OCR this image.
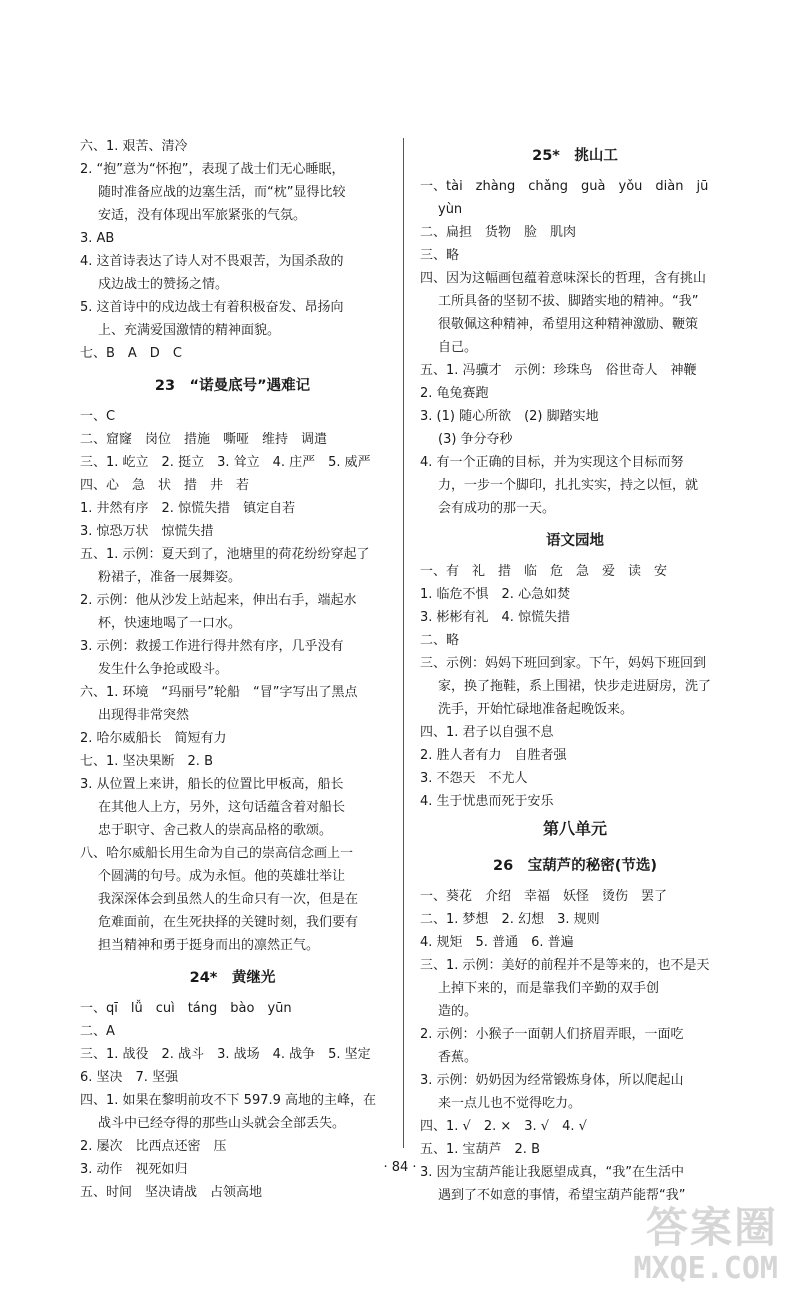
六、1. 艰苦、清冷
2. “抱”意为“怀抱”，表现了战士们无心睡眠，
随时准备应战的边塞生活，而“枕”显得比较
安适，没有体现出军旅紧张的气氛。
3. AB
4. 这首诗表达了诗人对不畏艰苦，为国杀敌的
戍边战士的赞扬之情。
5. 这首诗中的戍边战士有着积极奋发、昂扬向
上、充满爱国激情的精神面貌。
七、B　A　D　C
23　“诺曼底号”遇难记
一、C
二、窟窿　岗位　措施　嘶哑　维持　调遣
三、1. 屹立　2. 挺立　3. 耸立　4. 庄严　5. 威严
四、心　急　状　措　井　若
1. 井然有序　2. 惊慌失措　镇定自若
3. 惊恐万状　惊慌失措
五、1. 示例：夏天到了，池塘里的荷花纷纷穿起了
粉裙子，准备一展舞姿。
2. 示例：他从沙发上站起来，伸出右手，端起水
杯，快速地喝了一口水。
3. 示例：救援工作进行得井然有序，几乎没有
发生什么争抢或殴斗。
六、1. 环境　“玛丽号”轮船　“冒”字写出了黑点
出现得非常突然
2. 哈尔威船长　简短有力
七、1. 坚决果断　2. B
3. 从位置上来讲，船长的位置比甲板高，船长
在其他人上方，另外，这句话蕴含着对船长
忠于职守、舍己救人的崇高品格的歌颂。
八、哈尔威船长用生命为自己的崇高信念画上一
个圆满的句号。成为永恒。他的英雄壮举让
我深深体会到虽然人的生命只有一次，但是在
危难面前，在生死抉择的关键时刻，我们要有
担当精神和勇于挺身而出的凛然正气。
24*　黄继光
一、qī　lǚ　cuì　táng　bào　yūn
二、A
三、1. 战役　2. 战斗　3. 战场　4. 战争　5. 坚定
6. 坚决　7. 坚强
四、1. 如果在黎明前攻不下 597.9 高地的主峰，在
战斗中已经夺得的那些山头就会全部丢失。
2. 屡次　比西点还密　压
3. 动作　视死如归
五、时间　坚决请战　占领高地
25*　挑山工
一、tài　zhàng　chǎng　guà　yǒu　diàn　jū
yùn
二、扁担　货物　脸　肌肉
三、略
四、因为这幅画包蕴着意味深长的哲理，含有挑山
工所具备的坚韧不拔、脚踏实地的精神。“我”
很敬佩这种精神，希望用这种精神激励、鞭策
自己。
五、1. 冯骥才　示例：珍珠鸟　俗世奇人　神鞭
2. 龟兔赛跑
3. (1) 随心所欲　(2) 脚踏实地
(3) 争分夺秒
4. 有一个正确的目标，并为实现这个目标而努
力，一步一个脚印，扎扎实实，持之以恒，就
会有成功的那一天。
语文园地
一、有　礼　措　临　危　急　爱　读　安
1. 临危不惧　2. 心急如焚
3. 彬彬有礼　4. 惊慌失措
二、略
三、示例：妈妈下班回到家。下午，妈妈下班回到
家，换了拖鞋，系上围裙，快步走进厨房，洗了
洗手，开始忙碌地准备起晚饭来。
四、1. 君子以自强不息
2. 胜人者有力　自胜者强
3. 不怨天　不尤人
4. 生于忧患而死于安乐
第八单元
26　宝葫芦的秘密(节选)
一、葵花　介绍　幸福　妖怪　烫伤　罢了
二、1. 梦想　2. 幻想　3. 规则
4. 规矩　5. 普通　6. 普遍
三、1. 示例：美好的前程并不是等来的，也不是天
上掉下来的，而是靠我们辛勤的双手创
造的。
2. 示例：小猴子一面朝人们挤眉弄眼，一面吃
香蕉。
3. 示例：奶奶因为经常锻炼身体，所以爬起山
来一点儿也不觉得吃力。
四、1. √　2. ×　3. √　4. √
五、1. 宝葫芦　2. B
3. 因为宝葫芦能让我愿望成真，“我”在生活中
遇到了不如意的事情，希望宝葫芦能帮“我”
· 84 ·
答案圈
MXQE.COM
